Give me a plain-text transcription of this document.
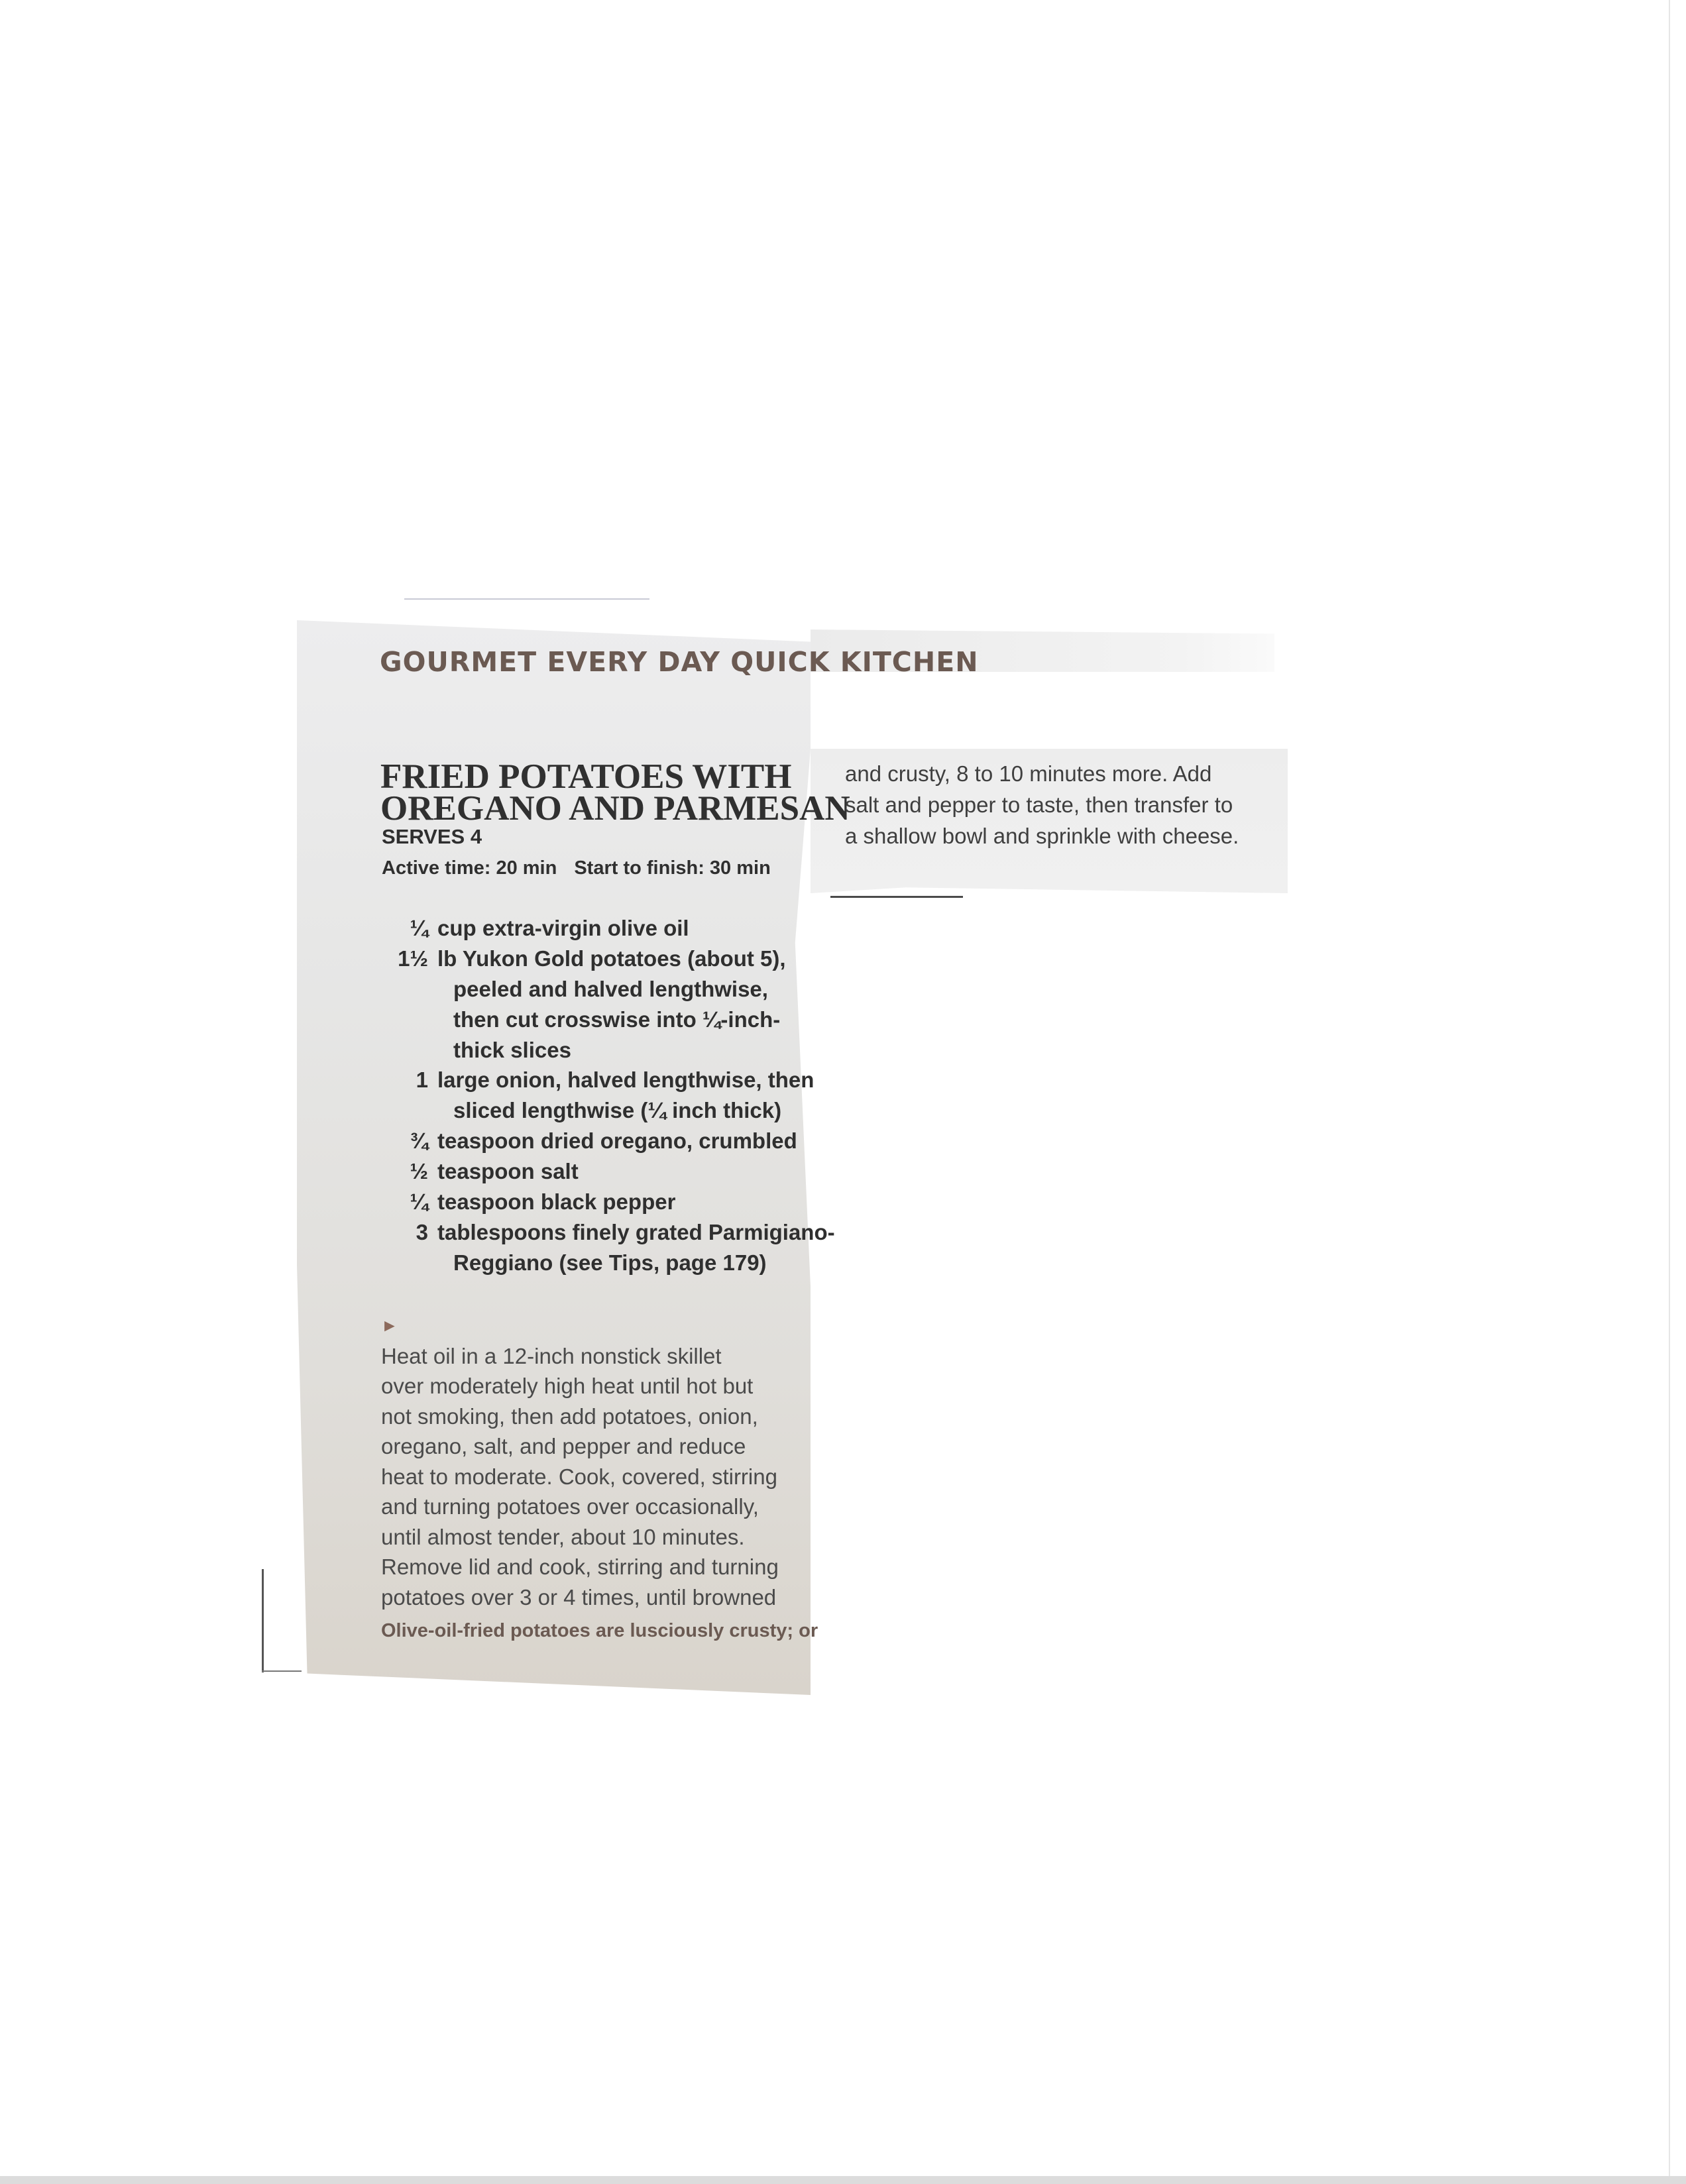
GOURMET EVERY DAY QUICK KITCHEN
FRIED POTATOES WITH
OREGANO AND PARMESAN
SERVES 4
Active time: 20 min Start to finish: 30 min
¼ cup extra-virgin olive oil
1½ lb Yukon Gold potatoes (about 5),
peeled and halved lengthwise,
then cut crosswise into ¼-inch-
thick slices
1 large onion, halved lengthwise, then
sliced lengthwise (¼ inch thick)
¾ teaspoon dried oregano, crumbled
½ teaspoon salt
¼ teaspoon black pepper
3 tablespoons finely grated Parmigiano-
Reggiano (see Tips, page 179)
►
Heat oil in a 12-inch nonstick skillet
over moderately high heat until hot but
not smoking, then add potatoes, onion,
oregano, salt, and pepper and reduce
heat to moderate. Cook, covered, stirring
and turning potatoes over occasionally,
until almost tender, about 10 minutes.
Remove lid and cook, stirring and turning
potatoes over 3 or 4 times, until browned
Olive-oil-fried potatoes are lusciously crusty; or
and crusty, 8 to 10 minutes more. Add
salt and pepper to taste, then transfer to
a shallow bowl and sprinkle with cheese.
